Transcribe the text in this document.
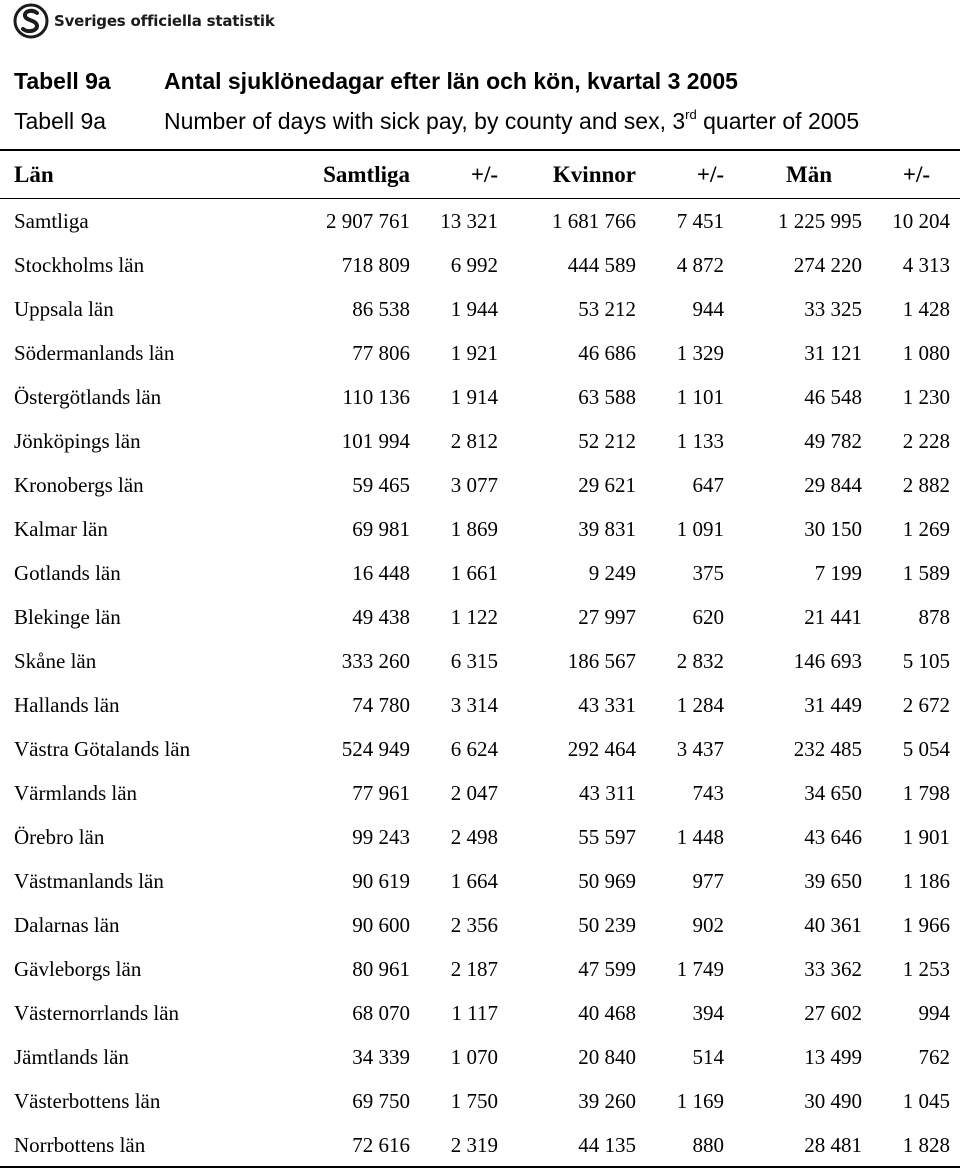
Sveriges officiella statistik
Tabell 9a	Antal sjuklönedagar efter län och kön, kvartal 3 2005
Tabell 9a	Number of days with sick pay, by county and sex, 3rd quarter of 2005
Län	Samtliga	+/-	Kvinnor	+/-	Män	+/-
Samtliga	2 907 761	13 321	1 681 766	7 451	1 225 995	10 204
Stockholms län	718 809	6 992	444 589	4 872	274 220	4 313
Uppsala län	86 538	1 944	53 212	944	33 325	1 428
Södermanlands län	77 806	1 921	46 686	1 329	31 121	1 080
Östergötlands län	110 136	1 914	63 588	1 101	46 548	1 230
Jönköpings län	101 994	2 812	52 212	1 133	49 782	2 228
Kronobergs län	59 465	3 077	29 621	647	29 844	2 882
Kalmar län	69 981	1 869	39 831	1 091	30 150	1 269
Gotlands län	16 448	1 661	9 249	375	7 199	1 589
Blekinge län	49 438	1 122	27 997	620	21 441	878
Skåne län	333 260	6 315	186 567	2 832	146 693	5 105
Hallands län	74 780	3 314	43 331	1 284	31 449	2 672
Västra Götalands län	524 949	6 624	292 464	3 437	232 485	5 054
Värmlands län	77 961	2 047	43 311	743	34 650	1 798
Örebro län	99 243	2 498	55 597	1 448	43 646	1 901
Västmanlands län	90 619	1 664	50 969	977	39 650	1 186
Dalarnas län	90 600	2 356	50 239	902	40 361	1 966
Gävleborgs län	80 961	2 187	47 599	1 749	33 362	1 253
Västernorrlands län	68 070	1 117	40 468	394	27 602	994
Jämtlands län	34 339	1 070	20 840	514	13 499	762
Västerbottens län	69 750	1 750	39 260	1 169	30 490	1 045
Norrbottens län	72 616	2 319	44 135	880	28 481	1 828
